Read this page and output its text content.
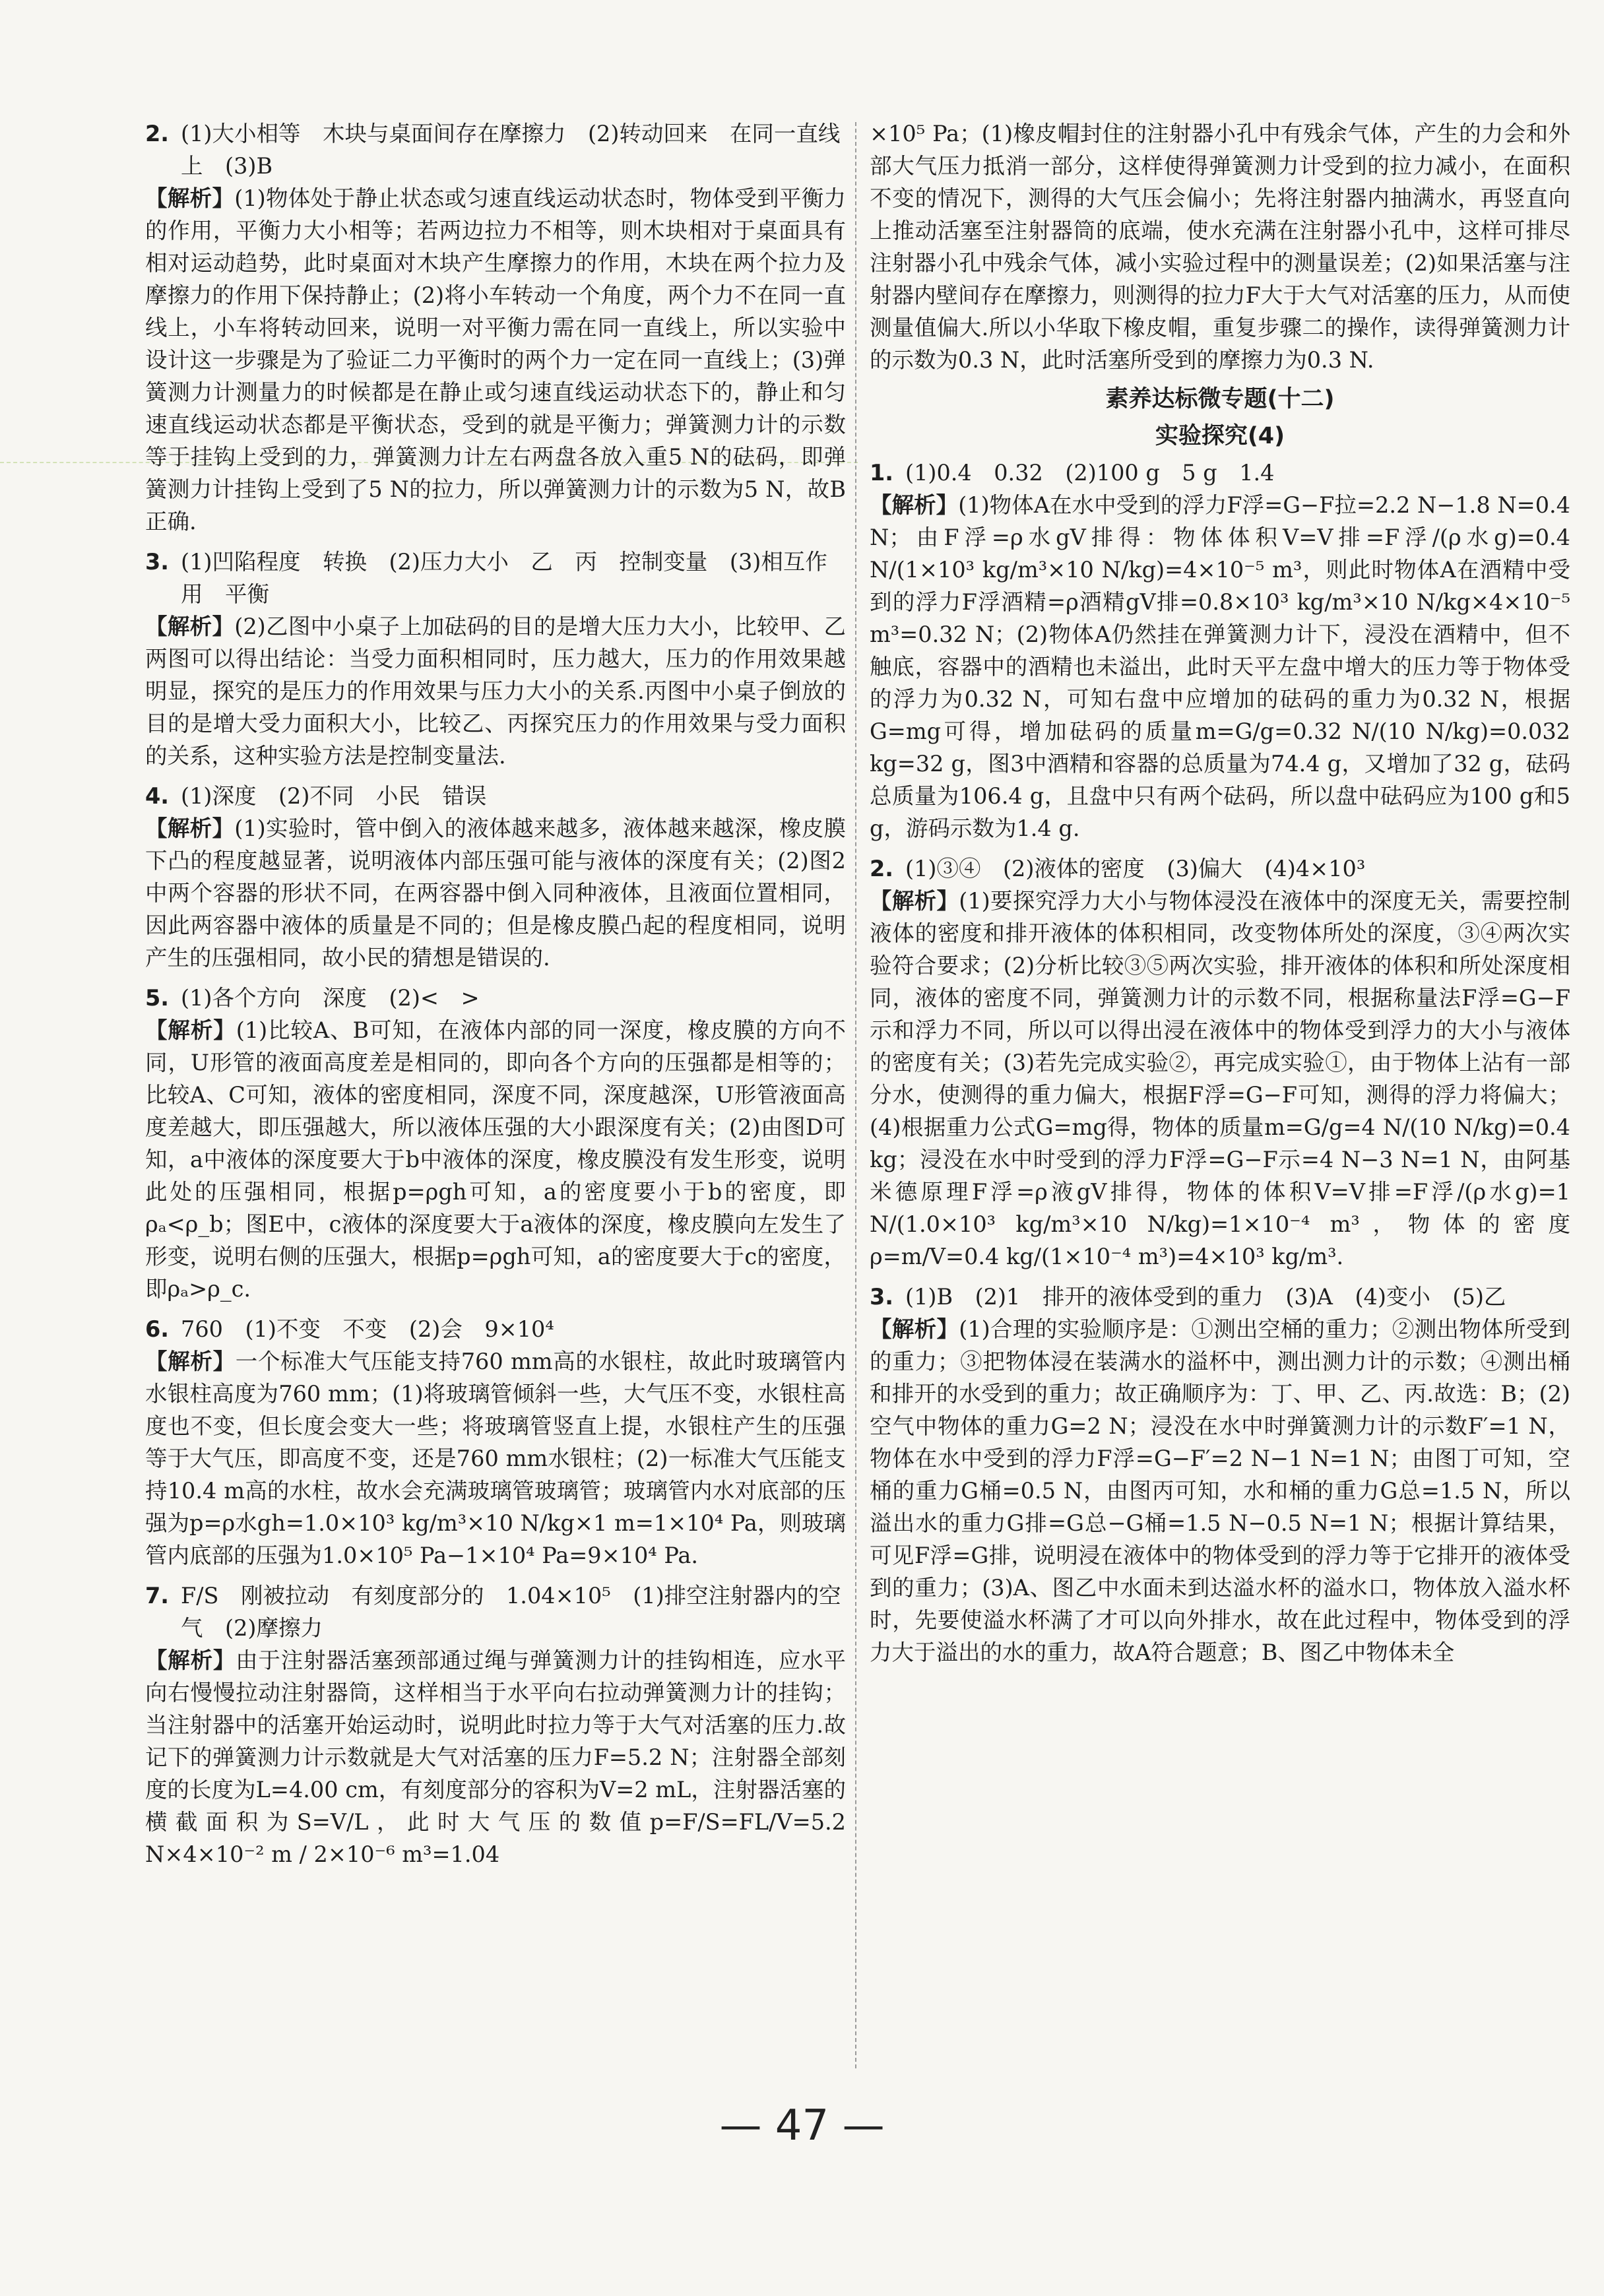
2. (1)大小相等　木块与桌面间存在摩擦力　(2)转动回来　在同一直线上　(3)B
【解析】(1)物体处于静止状态或匀速直线运动状态时，物体受到平衡力的作用，平衡力大小相等；若两边拉力不相等，则木块相对于桌面具有相对运动趋势，此时桌面对木块产生摩擦力的作用，木块在两个拉力及摩擦力的作用下保持静止；(2)将小车转动一个角度，两个力不在同一直线上，小车将转动回来，说明一对平衡力需在同一直线上，所以实验中设计这一步骤是为了验证二力平衡时的两个力一定在同一直线上；(3)弹簧测力计测量力的时候都是在静止或匀速直线运动状态下的，静止和匀速直线运动状态都是平衡状态，受到的就是平衡力；弹簧测力计的示数等于挂钩上受到的力，弹簧测力计左右两盘各放入重5 N的砝码，即弹簧测力计挂钩上受到了5 N的拉力，所以弹簧测力计的示数为5 N，故B正确.
3. (1)凹陷程度　转换　(2)压力大小　乙　丙　控制变量　(3)相互作用　平衡
【解析】(2)乙图中小桌子上加砝码的目的是增大压力大小，比较甲、乙两图可以得出结论：当受力面积相同时，压力越大，压力的作用效果越明显，探究的是压力的作用效果与压力大小的关系.丙图中小桌子倒放的目的是增大受力面积大小，比较乙、丙探究压力的作用效果与受力面积的关系，这种实验方法是控制变量法.
4. (1)深度　(2)不同　小民　错误
【解析】(1)实验时，管中倒入的液体越来越多，液体越来越深，橡皮膜下凸的程度越显著，说明液体内部压强可能与液体的深度有关；(2)图2中两个容器的形状不同，在两容器中倒入同种液体，且液面位置相同，因此两容器中液体的质量是不同的；但是橡皮膜凸起的程度相同，说明产生的压强相同，故小民的猜想是错误的.
5. (1)各个方向　深度　(2)<　>
【解析】(1)比较A、B可知，在液体内部的同一深度，橡皮膜的方向不同，U形管的液面高度差是相同的，即向各个方向的压强都是相等的；比较A、C可知，液体的密度相同，深度不同，深度越深，U形管液面高度差越大，即压强越大，所以液体压强的大小跟深度有关；(2)由图D可知，a中液体的深度要大于b中液体的深度，橡皮膜没有发生形变，说明此处的压强相同，根据p=ρgh可知，a的密度要小于b的密度，即ρₐ<ρ_b；图E中，c液体的深度要大于a液体的深度，橡皮膜向左发生了形变，说明右侧的压强大，根据p=ρgh可知，a的密度要大于c的密度，即ρₐ>ρ_c.
6. 760　(1)不变　不变　(2)会　9×10⁴
【解析】一个标准大气压能支持760 mm高的水银柱，故此时玻璃管内水银柱高度为760 mm；(1)将玻璃管倾斜一些，大气压不变，水银柱高度也不变，但长度会变大一些；将玻璃管竖直上提，水银柱产生的压强等于大气压，即高度不变，还是760 mm水银柱；(2)一标准大气压能支持10.4 m高的水柱，故水会充满玻璃管玻璃管；玻璃管内水对底部的压强为p=ρ水gh=1.0×10³ kg/m³×10 N/kg×1 m=1×10⁴ Pa，则玻璃管内底部的压强为1.0×10⁵ Pa−1×10⁴ Pa=9×10⁴ Pa.
7. F/S　刚被拉动　有刻度部分的　1.04×10⁵　(1)排空注射器内的空气　(2)摩擦力
【解析】由于注射器活塞颈部通过绳与弹簧测力计的挂钩相连，应水平向右慢慢拉动注射器筒，这样相当于水平向右拉动弹簧测力计的挂钩；当注射器中的活塞开始运动时，说明此时拉力等于大气对活塞的压力.故记下的弹簧测力计示数就是大气对活塞的压力F=5.2 N；注射器全部刻度的长度为L=4.00 cm，有刻度部分的容积为V=2 mL，注射器活塞的横截面积为S=V/L，此时大气压的数值p=F/S=FL/V=5.2 N×4×10⁻² m / 2×10⁻⁶ m³=1.04
×10⁵ Pa；(1)橡皮帽封住的注射器小孔中有残余气体，产生的力会和外部大气压力抵消一部分，这样使得弹簧测力计受到的拉力减小，在面积不变的情况下，测得的大气压会偏小；先将注射器内抽满水，再竖直向上推动活塞至注射器筒的底端，使水充满在注射器小孔中，这样可排尽注射器小孔中残余气体，减小实验过程中的测量误差；(2)如果活塞与注射器内壁间存在摩擦力，则测得的拉力F大于大气对活塞的压力，从而使测量值偏大.所以小华取下橡皮帽，重复步骤二的操作，读得弹簧测力计的示数为0.3 N，此时活塞所受到的摩擦力为0.3 N.
素养达标微专题(十二)
实验探究(4)
1. (1)0.4　0.32　(2)100 g　5 g　1.4
【解析】(1)物体A在水中受到的浮力F浮=G−F拉=2.2 N−1.8 N=0.4 N；由F浮=ρ水gV排得：物体体积V=V排=F浮/(ρ水g)=0.4 N/(1×10³ kg/m³×10 N/kg)=4×10⁻⁵ m³，则此时物体A在酒精中受到的浮力F浮酒精=ρ酒精gV排=0.8×10³ kg/m³×10 N/kg×4×10⁻⁵ m³=0.32 N；(2)物体A仍然挂在弹簧测力计下，浸没在酒精中，但不触底，容器中的酒精也未溢出，此时天平左盘中增大的压力等于物体受的浮力为0.32 N，可知右盘中应增加的砝码的重力为0.32 N，根据G=mg可得，增加砝码的质量m=G/g=0.32 N/(10 N/kg)=0.032 kg=32 g，图3中酒精和容器的总质量为74.4 g，又增加了32 g，砝码总质量为106.4 g，且盘中只有两个砝码，所以盘中砝码应为100 g和5 g，游码示数为1.4 g.
2. (1)③④　(2)液体的密度　(3)偏大　(4)4×10³
【解析】(1)要探究浮力大小与物体浸没在液体中的深度无关，需要控制液体的密度和排开液体的体积相同，改变物体所处的深度，③④两次实验符合要求；(2)分析比较③⑤两次实验，排开液体的体积和所处深度相同，液体的密度不同，弹簧测力计的示数不同，根据称量法F浮=G−F示和浮力不同，所以可以得出浸在液体中的物体受到浮力的大小与液体的密度有关；(3)若先完成实验②，再完成实验①，由于物体上沾有一部分水，使测得的重力偏大，根据F浮=G−F可知，测得的浮力将偏大；(4)根据重力公式G=mg得，物体的质量m=G/g=4 N/(10 N/kg)=0.4 kg；浸没在水中时受到的浮力F浮=G−F示=4 N−3 N=1 N，由阿基米德原理F浮=ρ液gV排得，物体的体积V=V排=F浮/(ρ水g)=1 N/(1.0×10³ kg/m³×10 N/kg)=1×10⁻⁴ m³，物体的密度ρ=m/V=0.4 kg/(1×10⁻⁴ m³)=4×10³ kg/m³.
3. (1)B　(2)1　排开的液体受到的重力　(3)A　(4)变小　(5)乙
【解析】(1)合理的实验顺序是：①测出空桶的重力；②测出物体所受到的重力；③把物体浸在装满水的溢杯中，测出测力计的示数；④测出桶和排开的水受到的重力；故正确顺序为：丁、甲、乙、丙.故选：B；(2)空气中物体的重力G=2 N；浸没在水中时弹簧测力计的示数F′=1 N，物体在水中受到的浮力F浮=G−F′=2 N−1 N=1 N；由图丁可知，空桶的重力G桶=0.5 N，由图丙可知，水和桶的重力G总=1.5 N，所以溢出水的重力G排=G总−G桶=1.5 N−0.5 N=1 N；根据计算结果，可见F浮=G排，说明浸在液体中的物体受到的浮力等于它排开的液体受到的重力；(3)A、图乙中水面未到达溢水杯的溢水口，物体放入溢水杯时，先要使溢水杯满了才可以向外排水，故在此过程中，物体受到的浮力大于溢出的水的重力，故A符合题意；B、图乙中物体未全
— 47 —
